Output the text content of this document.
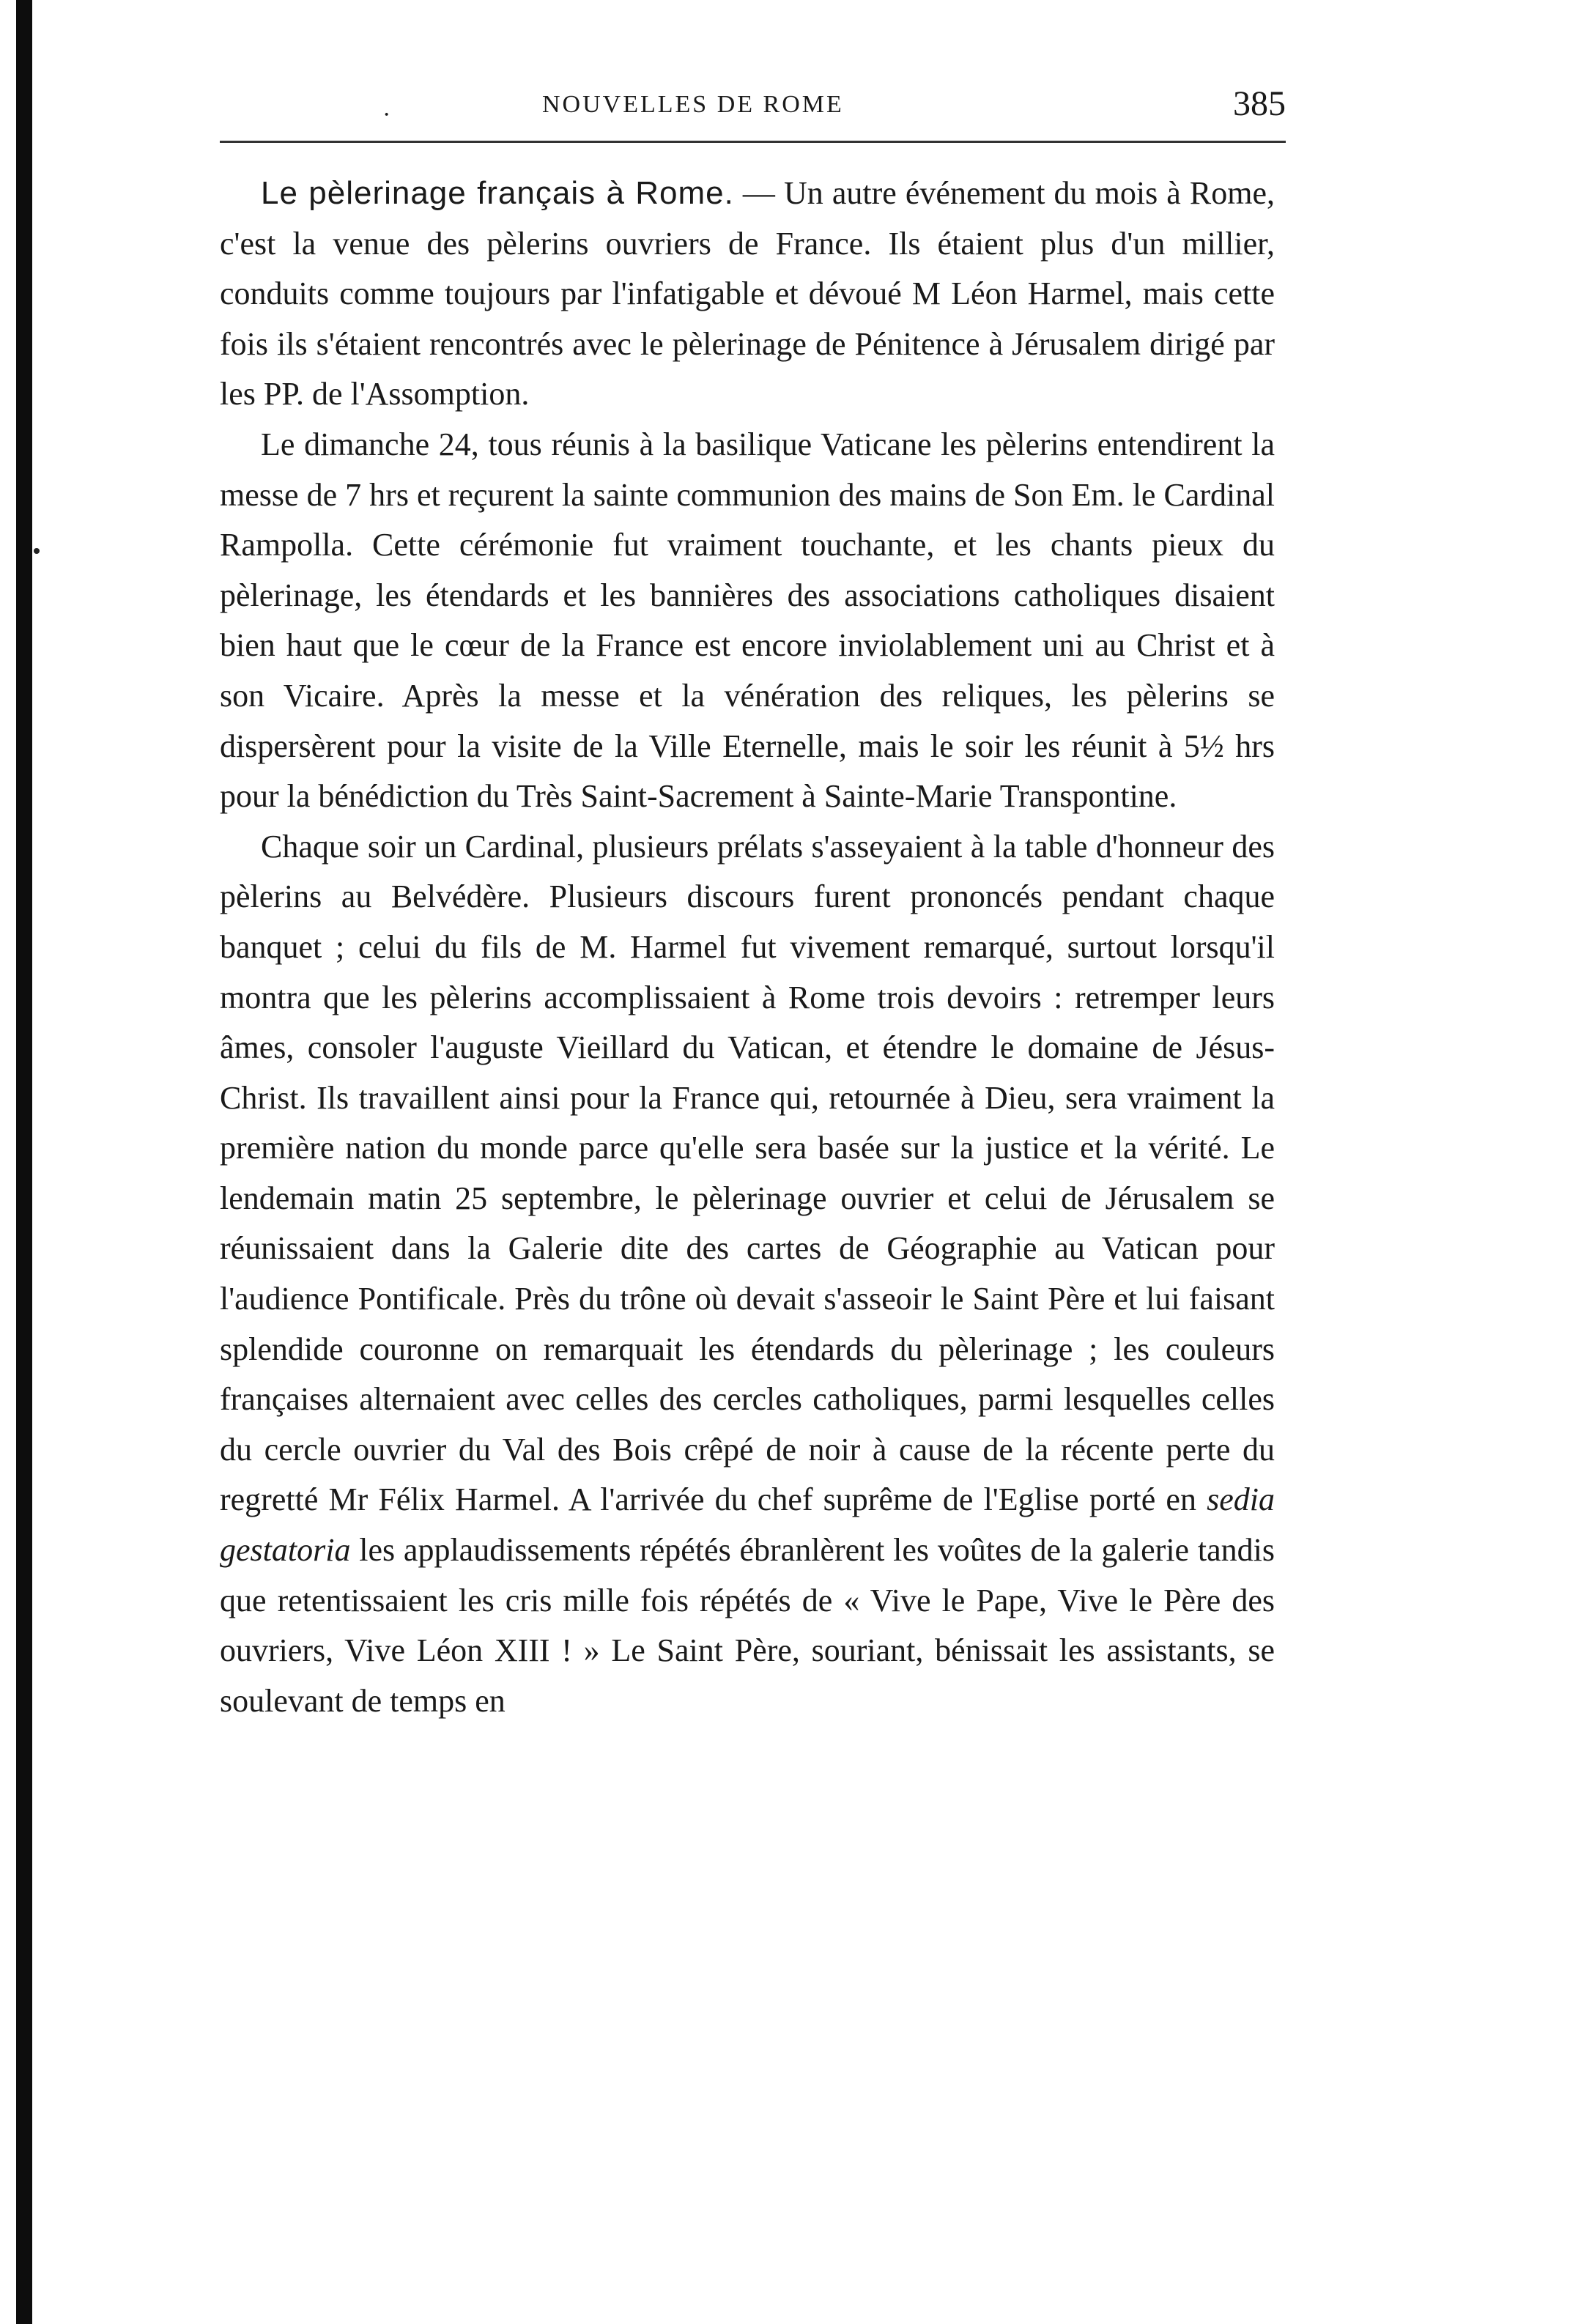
·	NOUVELLES DE ROME	385

Le pèlerinage français à Rome. — Un autre événement du mois à Rome, c'est la venue des pèlerins ouvriers de France. Ils étaient plus d'un millier, conduits comme toujours par l'infatigable et dévoué M Léon Harmel, mais cette fois ils s'étaient rencontrés avec le pèlerinage de Pénitence à Jérusalem dirigé par les PP. de l'Assomption.

Le dimanche 24, tous réunis à la basilique Vaticane les pèlerins entendirent la messe de 7 hrs et reçurent la sainte communion des mains de Son Em. le Cardinal Rampolla. Cette cérémonie fut vraiment touchante, et les chants pieux du pèlerinage, les étendards et les bannières des associations catholiques disaient bien haut que le cœur de la France est encore inviolablement uni au Christ et à son Vicaire. Après la messe et la vénération des reliques, les pèlerins se dispersèrent pour la visite de la Ville Eternelle, mais le soir les réunit à 5½ hrs pour la bénédiction du Très Saint-Sacrement à Sainte-Marie Transpontine.

Chaque soir un Cardinal, plusieurs prélats s'asseyaient à la table d'honneur des pèlerins au Belvédère. Plusieurs discours furent prononcés pendant chaque banquet ; celui du fils de M. Harmel fut vivement remarqué, surtout lorsqu'il montra que les pèlerins accomplissaient à Rome trois devoirs : retremper leurs âmes, consoler l'auguste Vieillard du Vatican, et étendre le domaine de Jésus-Christ. Ils travaillent ainsi pour la France qui, retournée à Dieu, sera vraiment la première nation du monde parce qu'elle sera basée sur la justice et la vérité. Le lendemain matin 25 septembre, le pèlerinage ouvrier et celui de Jérusalem se réunissaient dans la Galerie dite des cartes de Géographie au Vatican pour l'audience Pontificale. Près du trône où devait s'asseoir le Saint Père et lui faisant splendide couronne on remarquait les étendards du pèlerinage ; les couleurs françaises alternaient avec celles des cercles catholiques, parmi lesquelles celles du cercle ouvrier du Val des Bois crêpé de noir à cause de la récente perte du regretté Mr Félix Harmel. A l'arrivée du chef suprême de l'Eglise porté en sedia gestatoria les applaudissements répétés ébranlèrent les voûtes de la galerie tandis que retentissaient les cris mille fois répétés de « Vive le Pape, Vive le Père des ouvriers, Vive Léon XIII ! » Le Saint Père, souriant, bénissait les assistants, se soulevant de temps en
